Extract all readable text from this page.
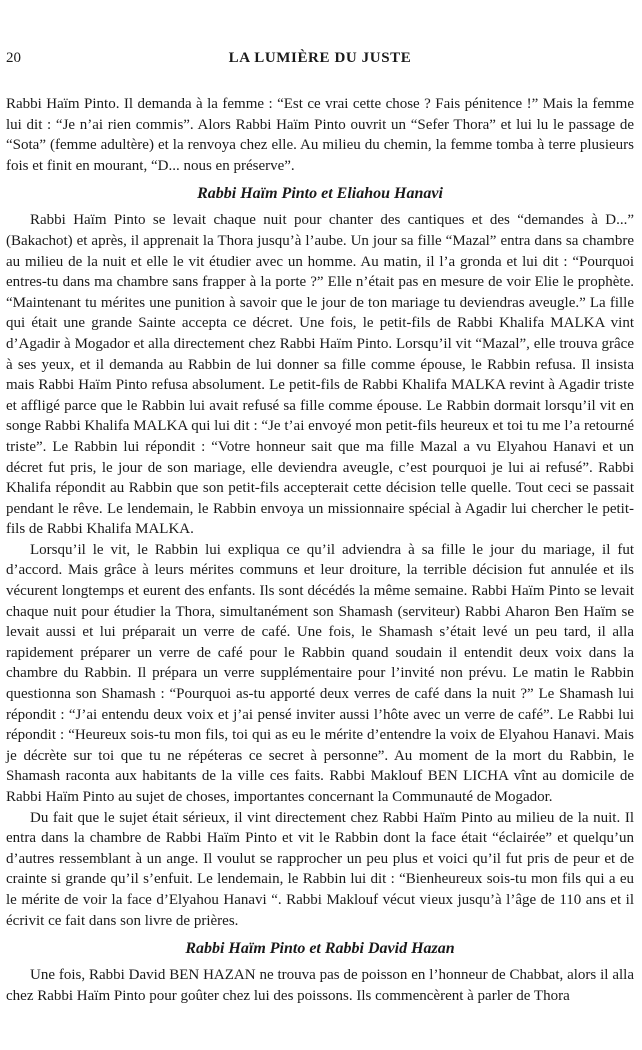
20	LA LUMIÈRE DU JUSTE

Rabbi Haïm Pinto. Il demanda à la femme : “Est ce vrai cette chose ? Fais pénitence !” Mais la femme lui dit : “Je n’ai rien commis”. Alors Rabbi Haïm Pinto ouvrit un “Sefer Thora” et lui lu le passage de “Sota” (femme adultère) et la renvoya chez elle. Au milieu du chemin, la femme tomba à terre plusieurs fois et finit en mourant, “D... nous en préserve”.

Rabbi Haïm Pinto et Eliahou Hanavi

Rabbi Haïm Pinto se levait chaque nuit pour chanter des cantiques et des “demandes à D...” (Bakachot) et après, il apprenait la Thora jusqu’à l’aube. Un jour sa fille “Mazal” entra dans sa chambre au milieu de la nuit et elle le vit étudier avec un homme. Au matin, il l’a gronda et lui dit : “Pourquoi entres-tu dans ma chambre sans frapper à la porte ?” Elle n’était pas en mesure de voir Elie le prophète. “Maintenant tu mérites une punition à savoir que le jour de ton mariage tu deviendras aveugle.” La fille qui était une grande Sainte accepta ce décret. Une fois, le petit-fils de Rabbi Khalifa MALKA vint d’Agadir à Mogador et alla directement chez Rabbi Haïm Pinto. Lorsqu’il vit “Mazal”, elle trouva grâce à ses yeux, et il demanda au Rabbin de lui donner sa fille comme épouse, le Rabbin refusa. Il insista mais Rabbi Haïm Pinto refusa absolument. Le petit-fils de Rabbi Khalifa MALKA revint à Agadir triste et affligé parce que le Rabbin lui avait refusé sa fille comme épouse. Le Rabbin dormait lorsqu’il vit en songe Rabbi Khalifa MALKA qui lui dit : “Je t’ai envoyé mon petit-fils heureux et toi tu me l’a retourné triste”. Le Rabbin lui répondit : “Votre honneur sait que ma fille Mazal a vu Elyahou Hanavi et un décret fut pris, le jour de son mariage, elle deviendra aveugle, c’est pourquoi je lui ai refusé”. Rabbi Khalifa répondit au Rabbin que son petit-fils accepterait cette décision telle quelle. Tout ceci se passait pendant le rêve. Le lendemain, le Rabbin envoya un missionnaire spécial à Agadir lui chercher le petit-fils de Rabbi Khalifa MALKA.

Lorsqu’il le vit, le Rabbin lui expliqua ce qu’il adviendra à sa fille le jour du mariage, il fut d’accord. Mais grâce à leurs mérites communs et leur droiture, la terrible décision fut annulée et ils vécurent longtemps et eurent des enfants. Ils sont décédés la même semaine. Rabbi Haïm Pinto se levait chaque nuit pour étudier la Thora, simultanément son Shamash (serviteur) Rabbi Aharon Ben Haïm se levait aussi et lui préparait un verre de café. Une fois, le Shamash s’était levé un peu tard, il alla rapidement préparer un verre de café pour le Rabbin quand soudain il entendit deux voix dans la chambre du Rabbin. Il prépara un verre supplémentaire pour l’invité non prévu. Le matin le Rabbin questionna son Shamash : “Pourquoi as-tu apporté deux verres de café dans la nuit ?” Le Shamash lui répondit : “J’ai entendu deux voix et j’ai pensé inviter aussi l’hôte avec un verre de café”. Le Rabbi lui répondit : “Heureux sois-tu mon fils, toi qui as eu le mérite d’entendre la voix de Elyahou Hanavi. Mais je décrète sur toi que tu ne répéteras ce secret à personne”. Au moment de la mort du Rabbin, le Shamash raconta aux habitants de la ville ces faits. Rabbi Maklouf BEN LICHA vînt au domicile de Rabbi Haïm Pinto au sujet de choses, importantes concernant la Communauté de Mogador.

Du fait que le sujet était sérieux, il vint directement chez Rabbi Haïm Pinto au milieu de la nuit. Il entra dans la chambre de Rabbi Haïm Pinto et vit le Rabbin dont la face était “éclairée” et quelqu’un d’autres ressemblant à un ange. Il voulut se rapprocher un peu plus et voici qu’il fut pris de peur et de crainte si grande qu’il s’enfuit. Le lendemain, le Rabbin lui dit : “Bienheureux sois-tu mon fils qui a eu le mérite de voir la face d’Elyahou Hanavi “. Rabbi Maklouf vécut vieux jusqu’à l’âge de 110 ans et il écrivit ce fait dans son livre de prières.

Rabbi Haïm Pinto et Rabbi David Hazan

Une fois, Rabbi David BEN HAZAN ne trouva pas de poisson en l’honneur de Chabbat, alors il alla chez Rabbi Haïm Pinto pour goûter chez lui des poissons. Ils commencèrent à parler de Thora
